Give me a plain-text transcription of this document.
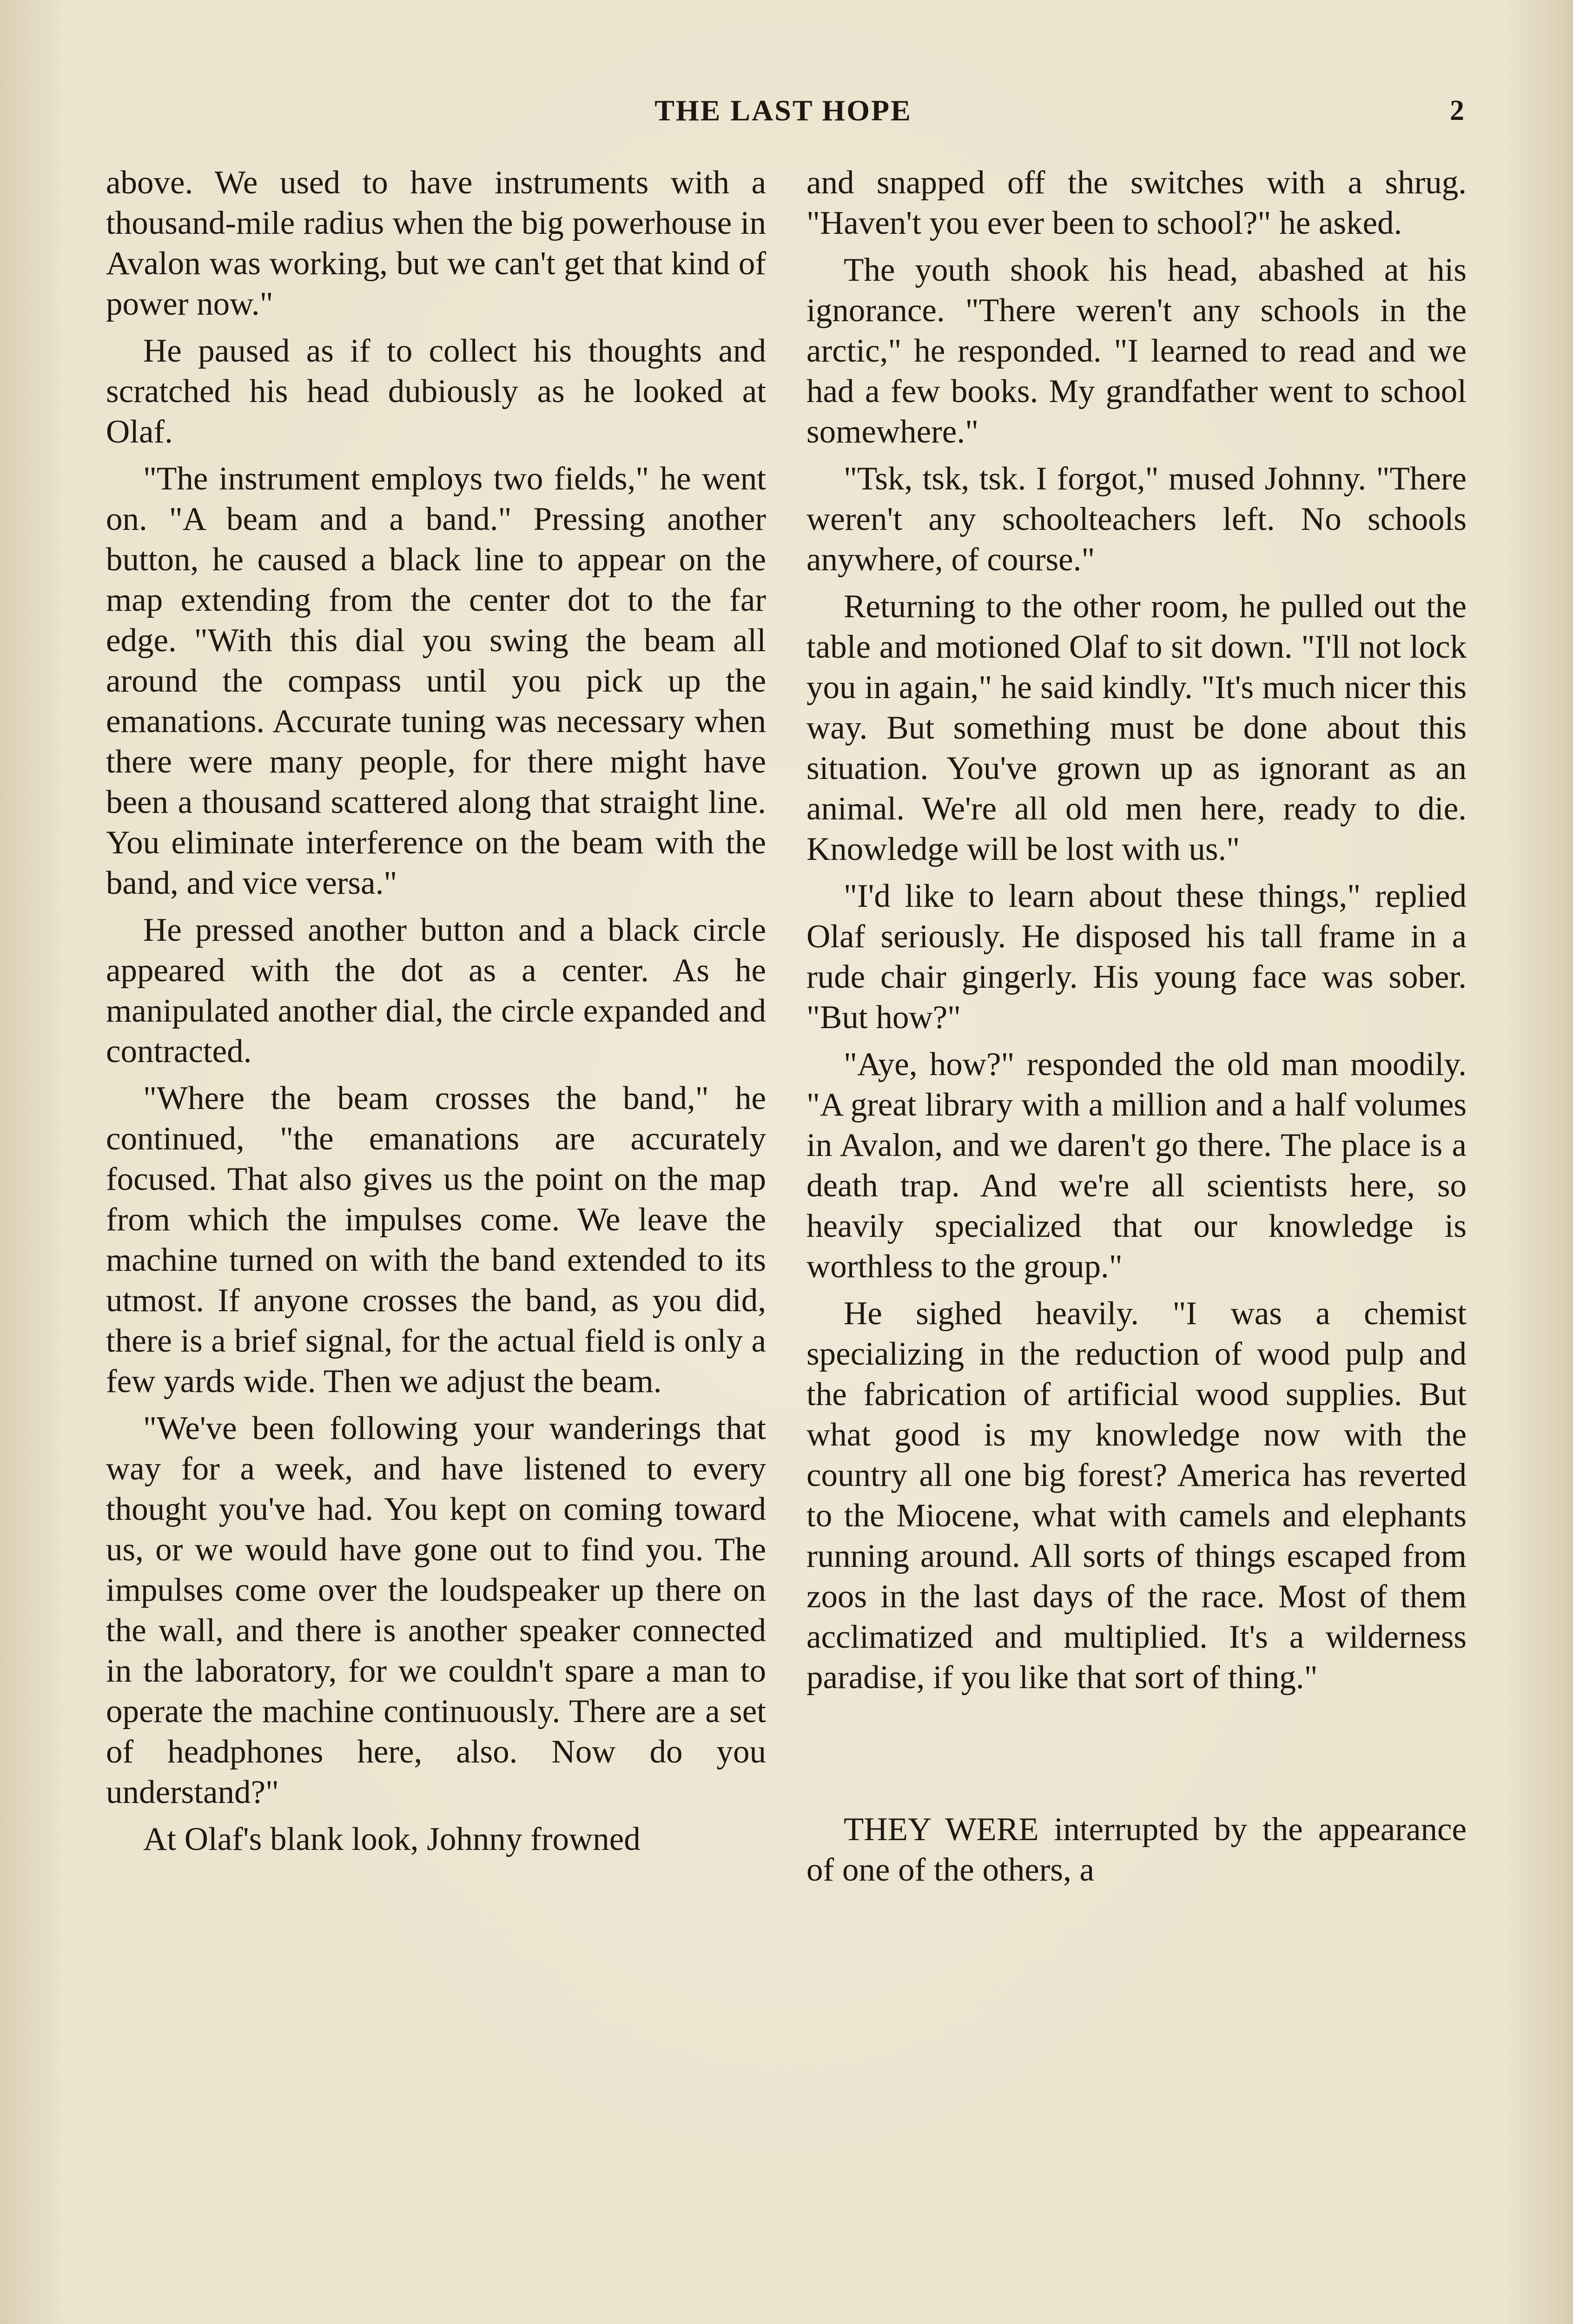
THE LAST HOPE	2

above. We used to have instruments with a thousand-mile radius when the big powerhouse in Avalon was working, but we can't get that kind of power now."

He paused as if to collect his thoughts and scratched his head dubiously as he looked at Olaf.

"The instrument employs two fields," he went on. "A beam and a band." Pressing another button, he caused a black line to appear on the map extending from the center dot to the far edge. "With this dial you swing the beam all around the compass until you pick up the emanations. Accurate tuning was necessary when there were many people, for there might have been a thousand scattered along that straight line. You eliminate interference on the beam with the band, and vice versa."

He pressed another button and a black circle appeared with the dot as a center. As he manipulated another dial, the circle expanded and contracted.

"Where the beam crosses the band," he continued, "the emanations are accurately focused. That also gives us the point on the map from which the impulses come. We leave the machine turned on with the band extended to its utmost. If anyone crosses the band, as you did, there is a brief signal, for the actual field is only a few yards wide. Then we adjust the beam.

"We've been following your wanderings that way for a week, and have listened to every thought you've had. You kept on coming toward us, or we would have gone out to find you. The impulses come over the loudspeaker up there on the wall, and there is another speaker connected in the laboratory, for we couldn't spare a man to operate the machine continuously. There are a set of headphones here, also. Now do you understand?"

At Olaf's blank look, Johnny frowned

and snapped off the switches with a shrug. "Haven't you ever been to school?" he asked.

The youth shook his head, abashed at his ignorance. "There weren't any schools in the arctic," he responded. "I learned to read and we had a few books. My grandfather went to school somewhere."

"Tsk, tsk, tsk. I forgot," mused Johnny. "There weren't any schoolteachers left. No schools anywhere, of course."

Returning to the other room, he pulled out the table and motioned Olaf to sit down. "I'll not lock you in again," he said kindly. "It's much nicer this way. But something must be done about this situation. You've grown up as ignorant as an animal. We're all old men here, ready to die. Knowledge will be lost with us."

"I'd like to learn about these things," replied Olaf seriously. He disposed his tall frame in a rude chair gingerly. His young face was sober. "But how?"

"Aye, how?" responded the old man moodily. "A great library with a million and a half volumes in Avalon, and we daren't go there. The place is a death trap. And we're all scientists here, so heavily specialized that our knowledge is worthless to the group."

He sighed heavily. "I was a chemist specializing in the reduction of wood pulp and the fabrication of artificial wood supplies. But what good is my knowledge now with the country all one big forest? America has reverted to the Miocene, what with camels and elephants running around. All sorts of things escaped from zoos in the last days of the race. Most of them acclimatized and multiplied. It's a wilderness paradise, if you like that sort of thing."

THEY WERE interrupted by the appearance of one of the others, a
